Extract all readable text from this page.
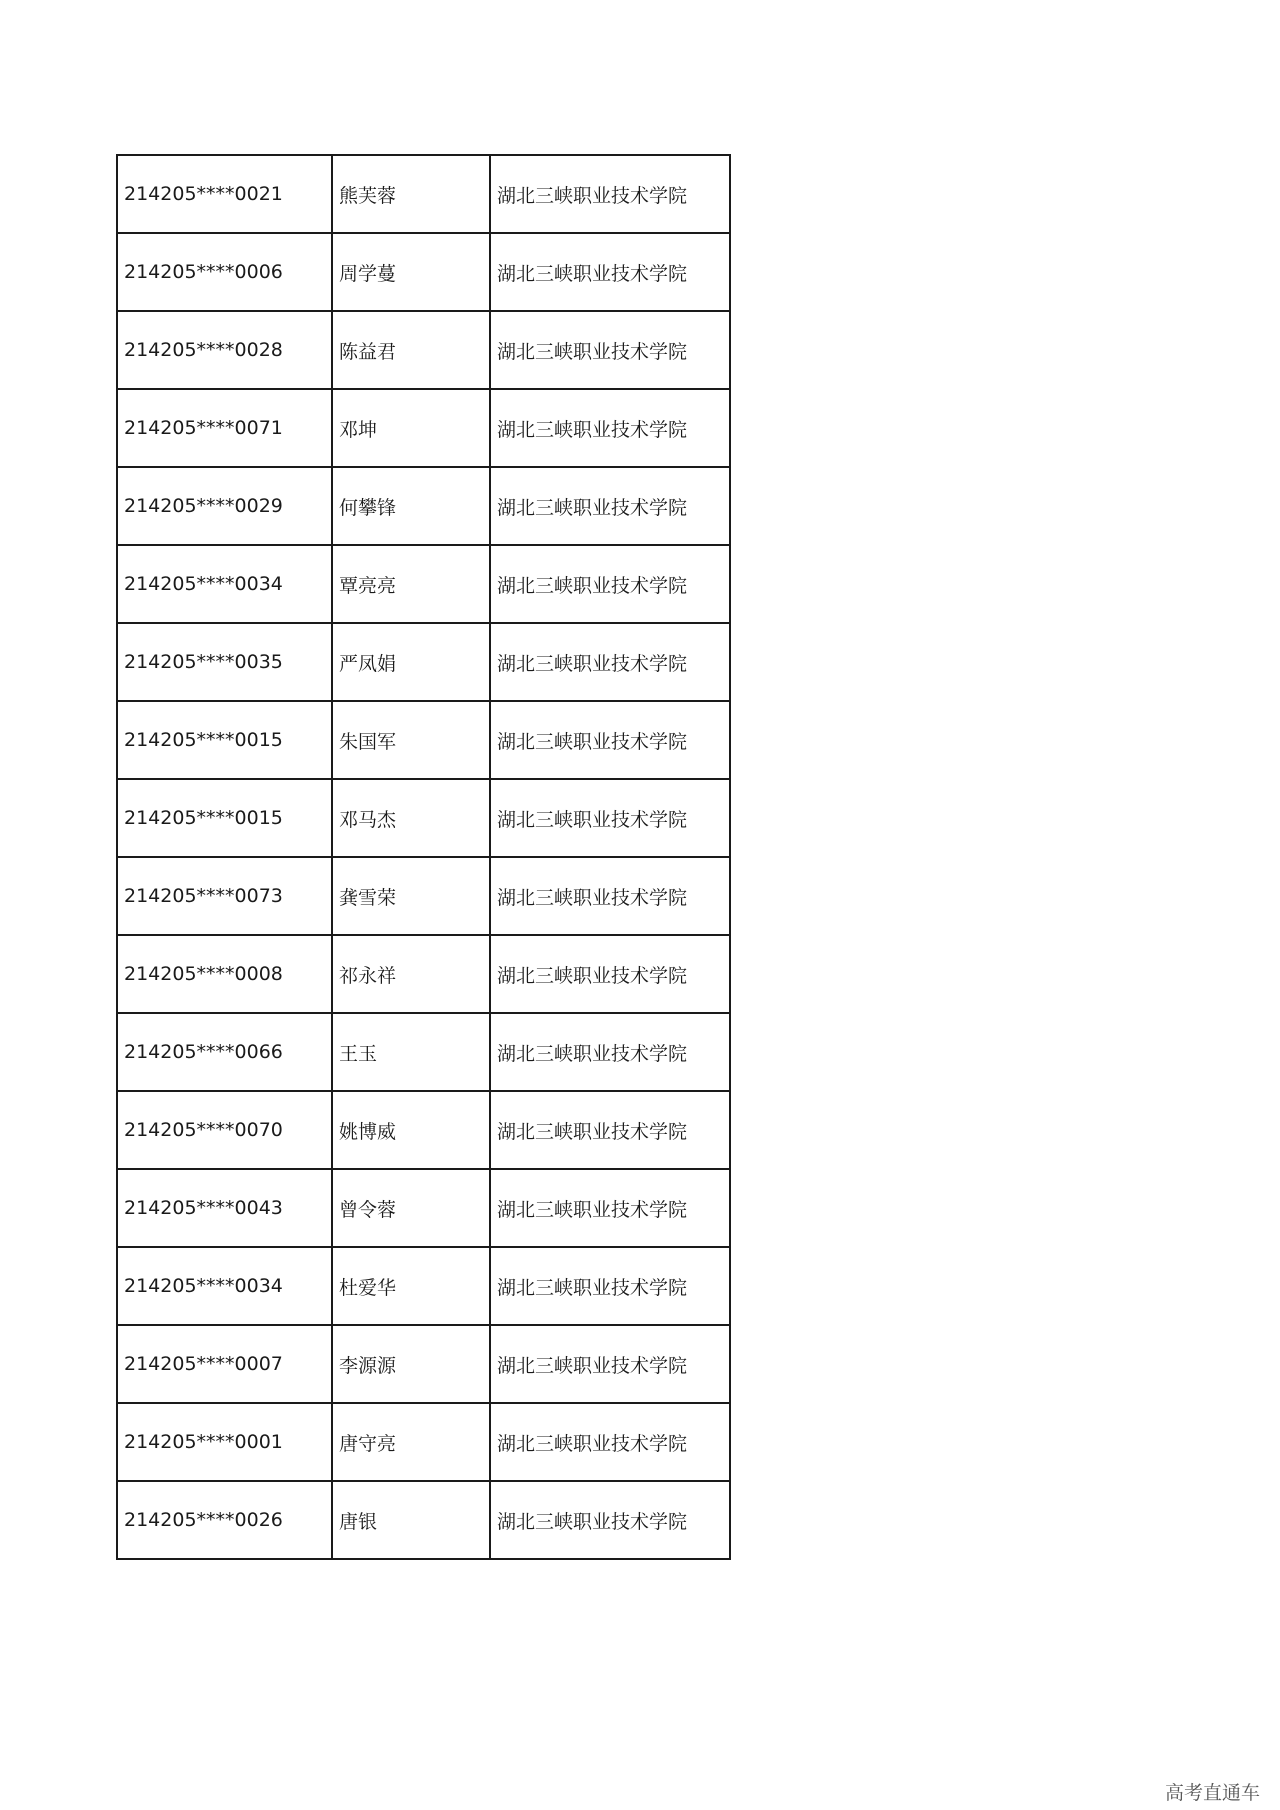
214205****0021	熊芙蓉	湖北三峡职业技术学院
214205****0006	周学蔓	湖北三峡职业技术学院
214205****0028	陈益君	湖北三峡职业技术学院
214205****0071	邓坤	湖北三峡职业技术学院
214205****0029	何攀锋	湖北三峡职业技术学院
214205****0034	覃亮亮	湖北三峡职业技术学院
214205****0035	严凤娟	湖北三峡职业技术学院
214205****0015	朱国军	湖北三峡职业技术学院
214205****0015	邓马杰	湖北三峡职业技术学院
214205****0073	龚雪荣	湖北三峡职业技术学院
214205****0008	祁永祥	湖北三峡职业技术学院
214205****0066	王玉	湖北三峡职业技术学院
214205****0070	姚博威	湖北三峡职业技术学院
214205****0043	曾令蓉	湖北三峡职业技术学院
214205****0034	杜爱华	湖北三峡职业技术学院
214205****0007	李源源	湖北三峡职业技术学院
214205****0001	唐守亮	湖北三峡职业技术学院
214205****0026	唐银	湖北三峡职业技术学院
高考直通车
